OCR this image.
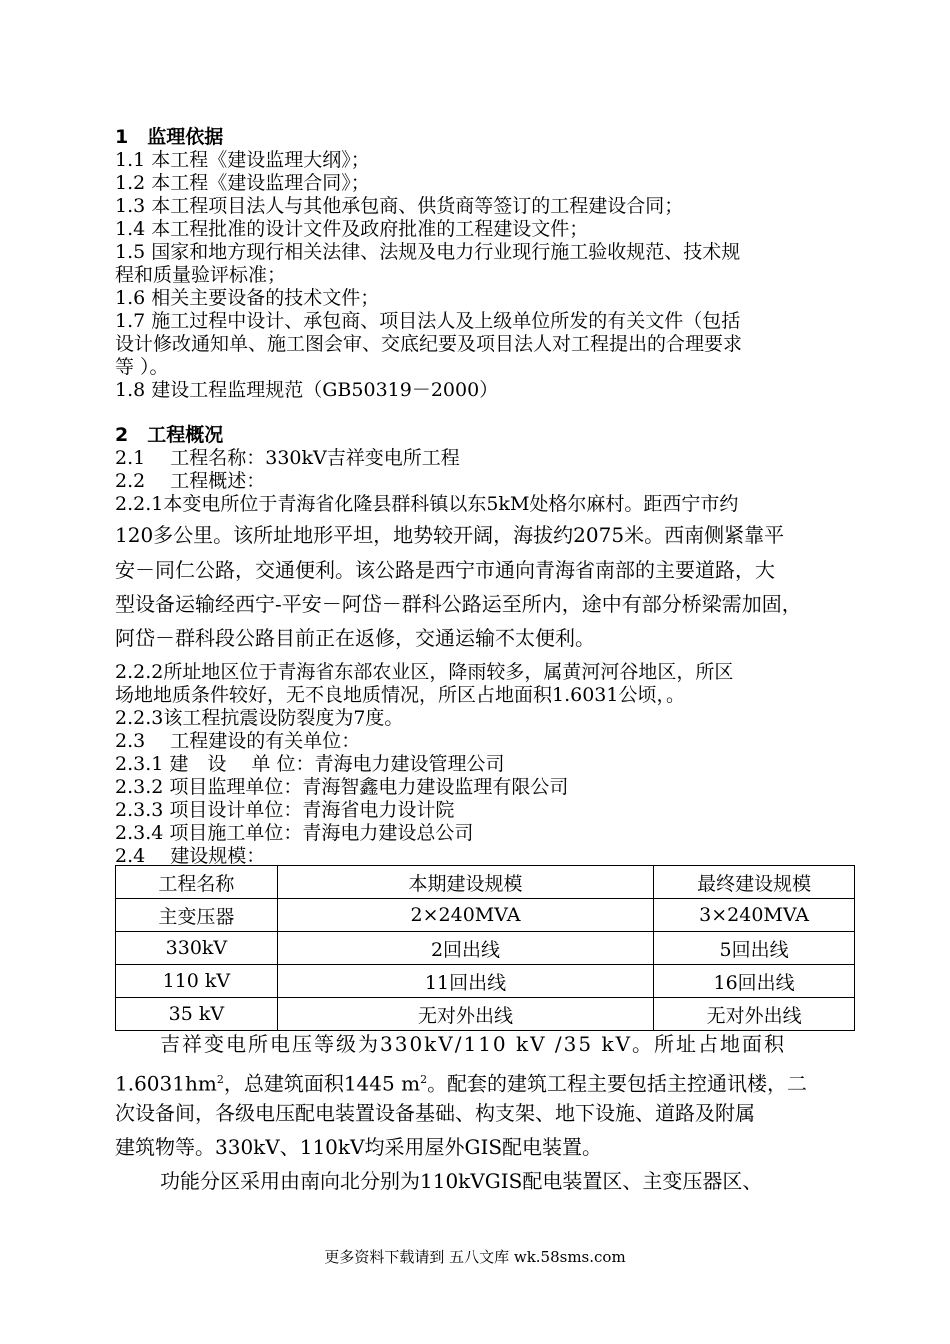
1　监理依据
1.1 本工程《建设监理大纲》；
1.2 本工程《建设监理合同》；
1.3 本工程项目法人与其他承包商、供货商等签订的工程建设合同；
1.4 本工程批准的设计文件及政府批准的工程建设文件；
1.5 国家和地方现行相关法律、法规及电力行业现行施工验收规范、技术规
程和质量验评标准；
1.6 相关主要设备的技术文件；
1.7 施工过程中设计、承包商、项目法人及上级单位所发的有关文件（包括
设计修改通知单、施工图会审、交底纪要及项目法人对工程提出的合理要求
等 ）。
1.8 建设工程监理规范（GB50319－2000）
2　工程概况
2.1　 工程名称：330kV吉祥变电所工程
2.2　 工程概述：
2.2.1本变电所位于青海省化隆县群科镇以东5kM处格尔麻村。距西宁市约
120多公里。该所址地形平坦，地势较开阔，海拔约2075米。西南侧紧靠平
安－同仁公路，交通便利。该公路是西宁市通向青海省南部的主要道路，大
型设备运输经西宁-平安－阿岱－群科公路运至所内，途中有部分桥梁需加固，
阿岱－群科段公路目前正在返修，交通运输不太便利。
2.2.2所址地区位于青海省东部农业区，降雨较多，属黄河河谷地区，所区
场地地质条件较好，无不良地质情况，所区占地面积1.6031公顷，。
2.2.3该工程抗震设防裂度为7度。
2.3　 工程建设的有关单位：
2.3.1 建　设　 单 位：青海电力建设管理公司
2.3.2 项目监理单位：青海智鑫电力建设监理有限公司
2.3.3 项目设计单位：青海省电力设计院
2.3.4 项目施工单位：青海电力建设总公司
2.4　 建设规模：
工程名称	本期建设规模	最终建设规模
主变压器	2×240MVA	3×240MVA
330kV	2回出线	5回出线
110 kV	11回出线	16回出线
35 kV	无对外出线	无对外出线
吉祥变电所电压等级为330kV/110 kV /35 kV。所址占地面积
$1.6031hm^2$，总建筑面积1445 $m^2$。配套的建筑工程主要包括主控通讯楼，二
次设备间，各级电压配电装置设备基础、构支架、地下设施、道路及附属
建筑物等。330kV、110kV均采用屋外GIS配电装置。
功能分区采用由南向北分别为110kVGIS配电装置区、主变压器区、
更多资料下载请到 五八文库 wk.58sms.com
